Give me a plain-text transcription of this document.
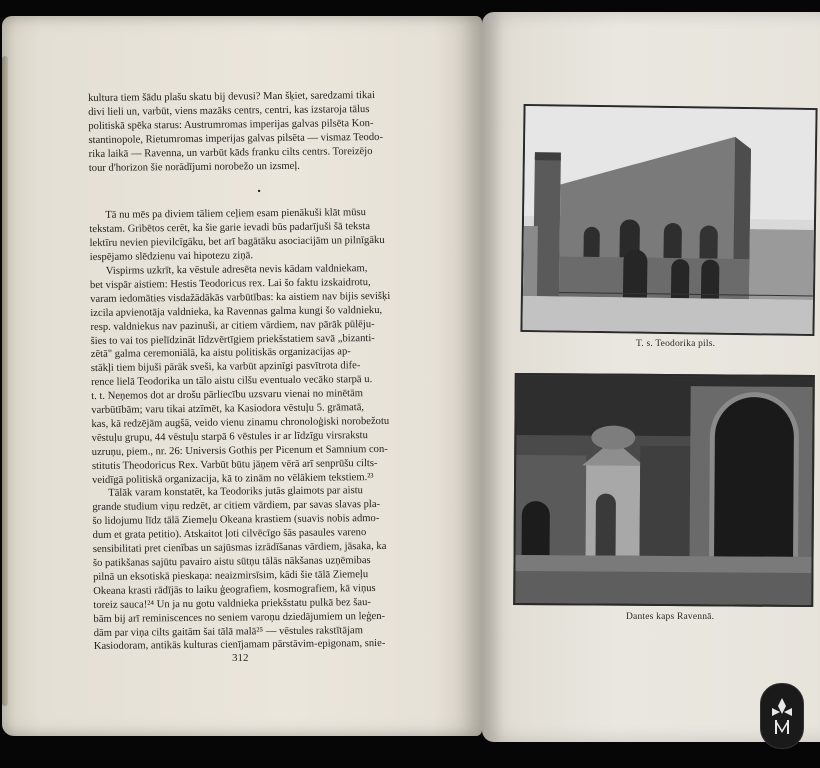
kultura tiem šādu plašu skatu bij devusi? Man šķiet, saredzami tikai

divi lieli un, varbūt, viens mazāks centrs, centri, kas izstaroja tālus

politiskā spēka starus: Austrumromas imperijas galvas pilsēta Kon-

stantinopole, Rietumromas imperijas galvas pilsēta — vismaz Teodo-

rika laikā — Ravenna, un varbūt kāds franku cilts centrs. Toreizējo

tour d'horizon šie norādījumi norobežo un izsmeļ.

•

Tā nu mēs pa diviem tāliem ceļiem esam pienākuši klāt mūsu

tekstam. Gribētos cerēt, ka šie garie ievadi būs padarījuši šā teksta

lektīru nevien pievilcīgāku, bet arī bagātāku asociacijām un pilnīgāku

iespējamo slēdzienu vai hipotezu ziņā.

Vispirms uzkrīt, ka vēstule adresēta nevis kādam valdniekam,

bet vispār aistiem: Hestis Teodoricus rex. Lai šo faktu izskaidrotu,

varam iedomāties visdažādākās varbūtības: ka aistiem nav bijis sevišķi

izcila apvienotāja valdnieka, ka Ravennas galma kungi šo valdnieku,

resp. valdniekus nav pazinuši, ar citiem vārdiem, nav pārāk pūlēju-

šies to vai tos pielīdzināt līdzvērtīgiem priekšstatiem savā „bizanti-

zētā" galma ceremoniālā, ka aistu politiskās organizacijas ap-

stākļi tiem bijuši pārāk sveši, ka varbūt apzinīgi pasvītrota dife-

rence lielā Teodorika un tālo aistu cilšu eventualo vecāko starpā u.

t. t. Neņemos dot ar drošu pārliecību uzsvaru vienai no minētām

varbūtībām; varu tikai atzīmēt, ka Kasiodora vēstuļu 5. grāmatā,

kas, kā redzējām augšā, veido vienu zinamu chronoloģiski norobežotu

vēstuļu grupu, 44 vēstuļu starpā 6 vēstules ir ar līdzīgu virsrakstu

uzruņu, piem., nr. 26: Universis Gothis per Picenum et Samnium con-

stitutis Theodoricus Rex. Varbūt būtu jāņem vērā arī senprūšu cilts-

veidīgā politiskā organizacija, kā to zinām no vēlākiem tekstiem.²³

Tālāk varam konstatēt, ka Teodoriks jutās glaimots par aistu

grande studium viņu redzēt, ar citiem vārdiem, par savas slavas pla-

šo lidojumu līdz tālā Ziemeļu Okeana krastiem (suavis nobis admo-

dum et grata petitio). Atskaitot ļoti cilvēcīgo šās pasaules vareno

sensibilitati pret cienības un sajūsmas izrādīšanas vārdiem, jāsaka, ka

šo patikšanas sajūtu pavairo aistu sūtņu tālās nākšanas uzņēmibas

pilnā un eksotiskā pieskaņa: neaizmirsīsim, kādi šie tālā Ziemeļu

Okeana krasti rādījās to laiku ģeografiem, kosmografiem, kā viņus

toreiz sauca!²⁴ Un ja nu gotu valdnieka priekšstatu pulkā bez šau-

bām bij arī reminiscences no seniem varoņu dziedājumiem un leģen-

dām par viņa cilts gaitām šai tālā malā²⁵ — vēstules rakstītājam

Kasiodoram, antikās kulturas cienījamam pārstāvim-epigonam, snie-

312
T. s. Teodorika pils.
Dantes kaps Ravennā.
